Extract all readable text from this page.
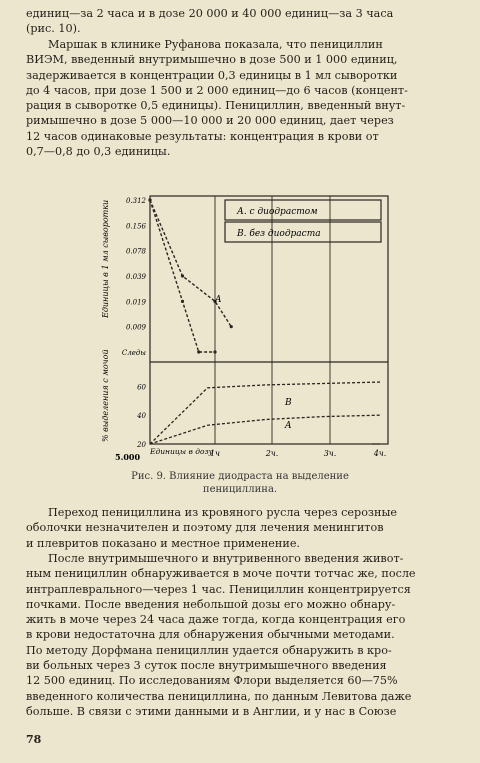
единиц—за 2 часа и в дозе 20 000 и 40 000 единиц—за 3 часа
(рис. 10).
Маршак в клинике Руфанова показала, что пенициллин
ВИЭМ, введенный внутримышечно в дозе 500 и 1 000 единиц,
задерживается в концентрации 0,3 единицы в 1 мл сыворотки
до 4 часов, при дозе 1 500 и 2 000 единиц—до 6 часов (концент-
рация в сыворотке 0,5 единицы). Пенициллин, введенный внут-
римышечно в дозе 5 000—10 000 и 20 000 единиц, дает через
12 часов одинаковые результаты: концентрация в крови от
0,7—0,8 до 0,3 единицы.
А. с диодрастом
В. без диодраста
Единицы в 1 мл сыворотки
% выделения с мочой
0.312
0.156
0.078
0.039
0.019
0.009
Следы
20
40
60
1ч	2ч.	3ч.	4ч.
5.000
Единицы в дозу
A
B
A
Рис. 9. Влияние диодраста на выделение
пенициллина.
Переход пенициллина из кровяного русла через серозные
оболочки незначителен и поэтому для лечения менингитов
и плевритов показано и местное применение.
После внутримышечного и внутривенного введения живот-
ным пенициллин обнаруживается в моче почти тотчас же, после
интраплеврального—через 1 час. Пенициллин концентрируется
почками. После введения небольшой дозы его можно обнару-
жить в моче через 24 часа даже тогда, когда концентрация его
в крови недостаточна для обнаружения обычными методами.
По методу Дорфмана пенициллин удается обнаружить в кро-
ви больных через 3 суток после внутримышечного введения
12 500 единиц. По исследованиям Флори выделяется 60—75%
введенного количества пенициллина, по данным Левитова даже
больше. В связи с этими данными и в Англии, и у нас в Союзе
78
